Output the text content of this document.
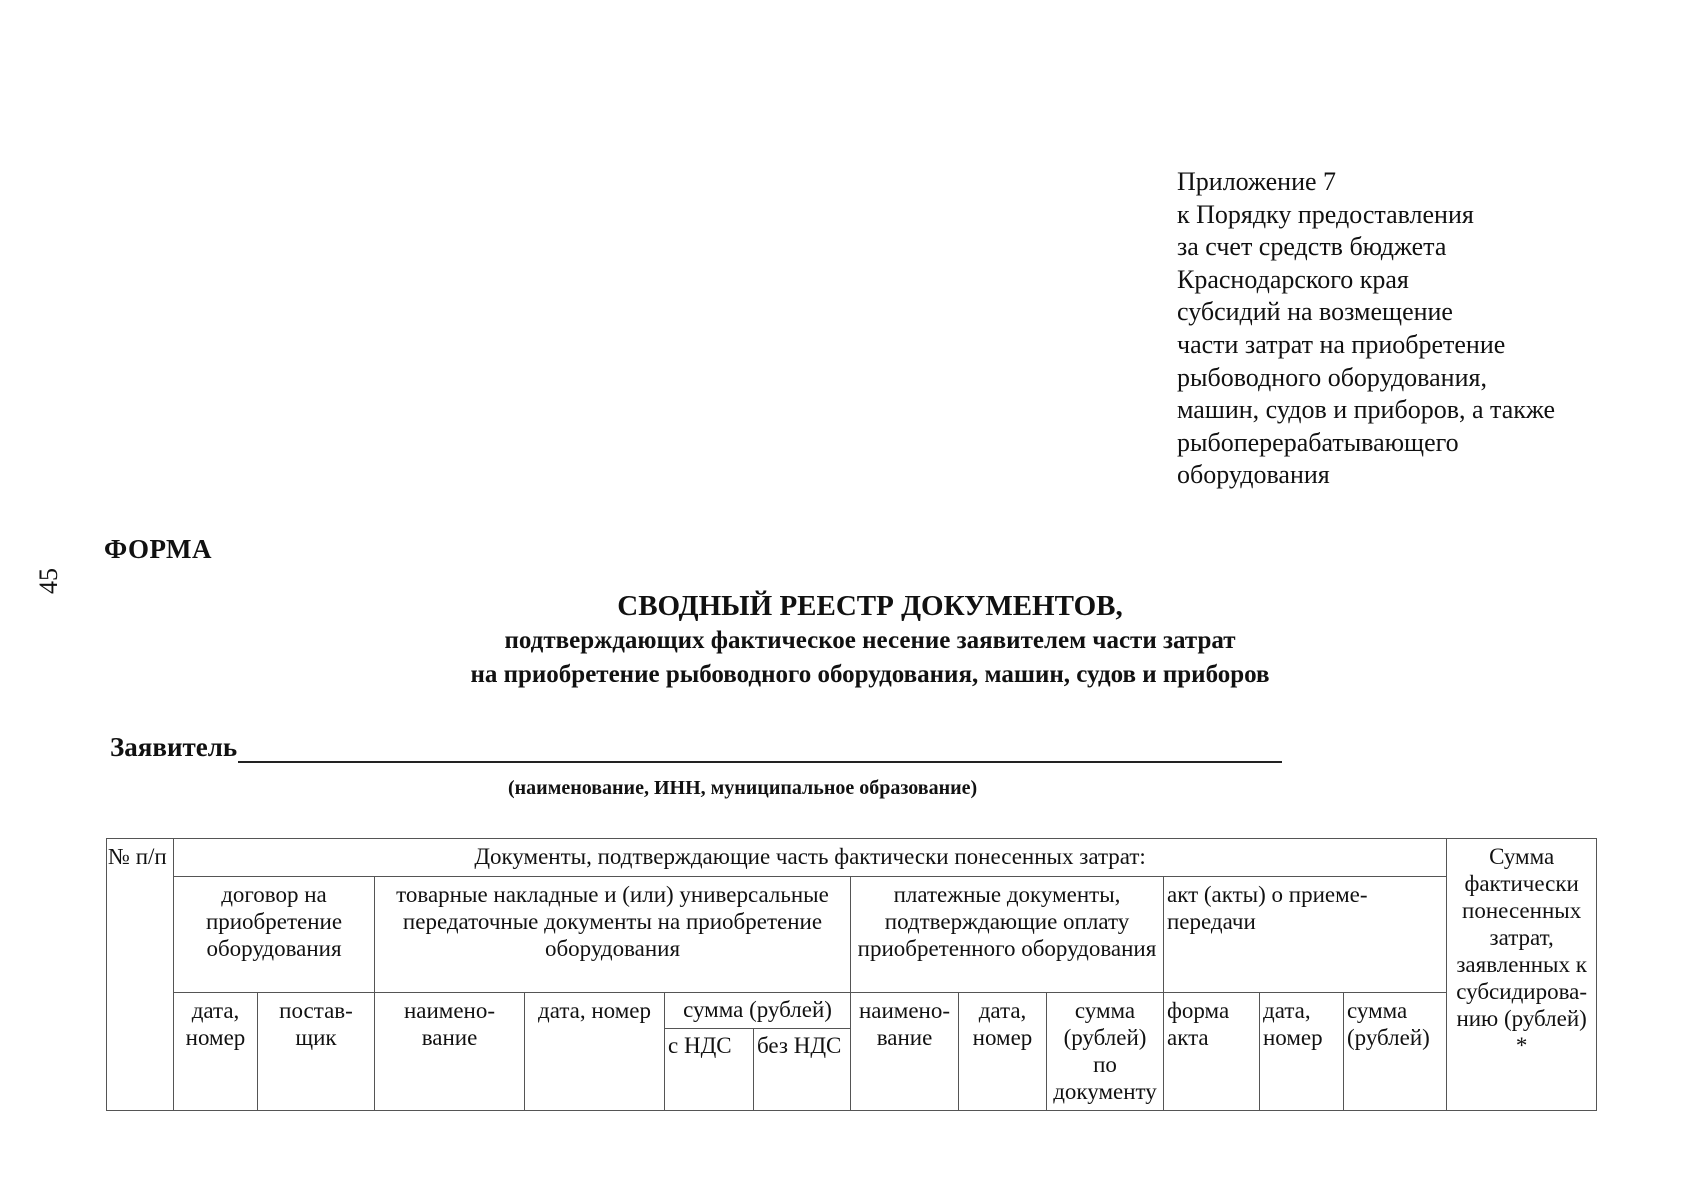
45
Приложение 7
к Порядку предоставления
за счет средств бюджета
Краснодарского края
субсидий на возмещение
части затрат на приобретение
рыбоводного оборудования,
машин, судов и приборов, а также
рыбоперерабатывающего
оборудования
ФОРМА
СВОДНЫЙ РЕЕСТР ДОКУМЕНТОВ,
подтверждающих фактическое несение заявителем части затрат
на приобретение рыбоводного оборудования, машин, судов и приборов
Заявитель
(наименование, ИНН, муниципальное образование)
№ п/п	Документы, подтверждающие часть фактически понесенных затрат:												Сумма фактически понесенных затрат, заявленных к субсидирова-нию (рублей) *
	договор на приобретение оборудования		товарные накладные и (или) универсальные передаточные документы на приобретение оборудования				платежные документы, подтверждающие оплату приобретенного оборудования			акт (акты) о приеме-передачи			
	дата, номер	постав-щик	наимено-вание	дата, номер	сумма (рублей)		наимено-вание	дата, номер	сумма (рублей) по документу	форма акта	дата, номер	сумма (рублей)	
					с НДС	без НДС							
